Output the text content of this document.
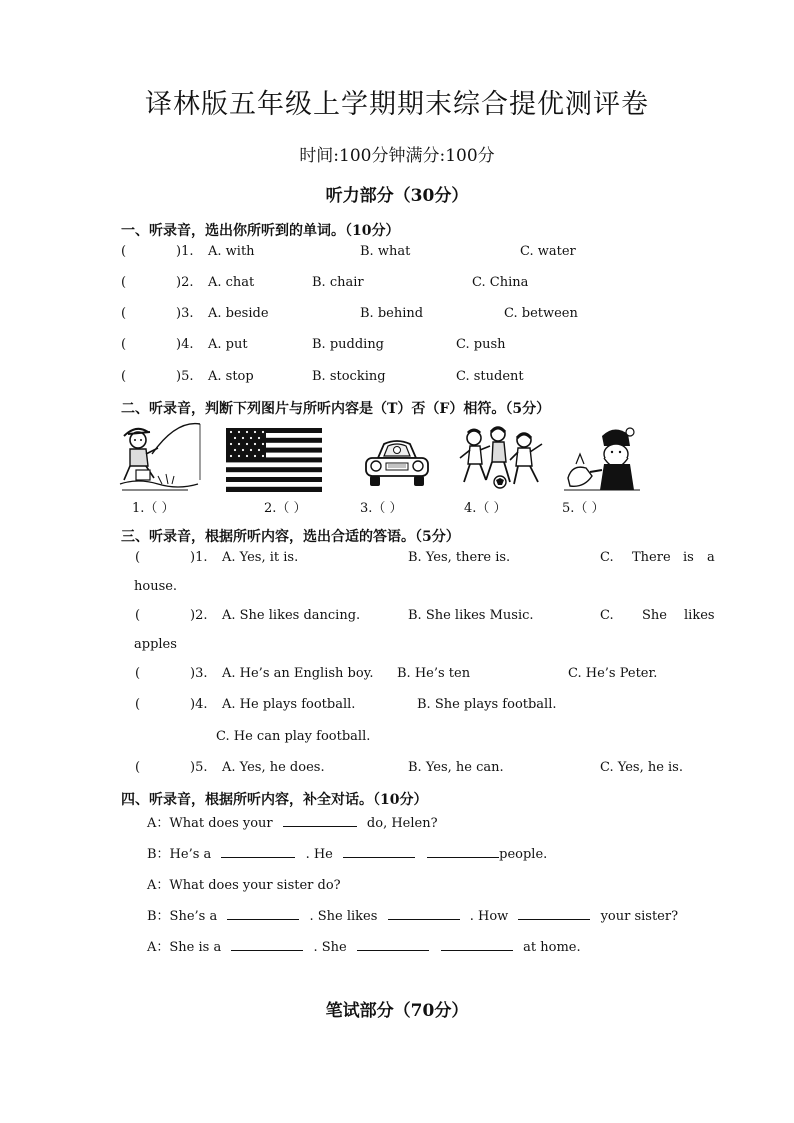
译林版五年级上学期期末综合提优测评卷
时间:100分钟满分:100分
听力部分（30分）
一、听录音，选出你所听到的单词。（10分）
(	)1. A. with	B. what	C. water
(	)2. A. chat	B. chair	C. China
(	)3. A. beside	B. behind	C. between
(	)4. A. put	B. pudding	C. push
(	)5. A. stop	B. stocking	C. student
二、听录音，判断下列图片与所听内容是（T）否（F）相符。（5分）
1.（ ）	2.（ ）	3.（ ）	4.（ ）	5.（ ）
三、听录音，根据所听内容，选出合适的答语。（5分）
(	)1. A. Yes, it is.	B. Yes, there is.	C. There is a
house.
(	)2. A. She likes dancing.	B. She likes Music.	C. She likes
apples
(	)3. A. He’s an English boy. B. He’s ten	C. He’s Peter.
(	)4. A. He plays football.	B. She plays football.
C. He can play football.
(	)5. A. Yes, he does.	B. Yes, he can.	C. Yes, he is.
四、听录音，根据所听内容，补全对话。（10分）
A：What does your	do, Helen?
B：He’s a	. He	people.
A：What does your sister do?
B：She’s a	. She likes	. How	your sister?
A：She is a	. She	at home.
笔试部分（70分）
